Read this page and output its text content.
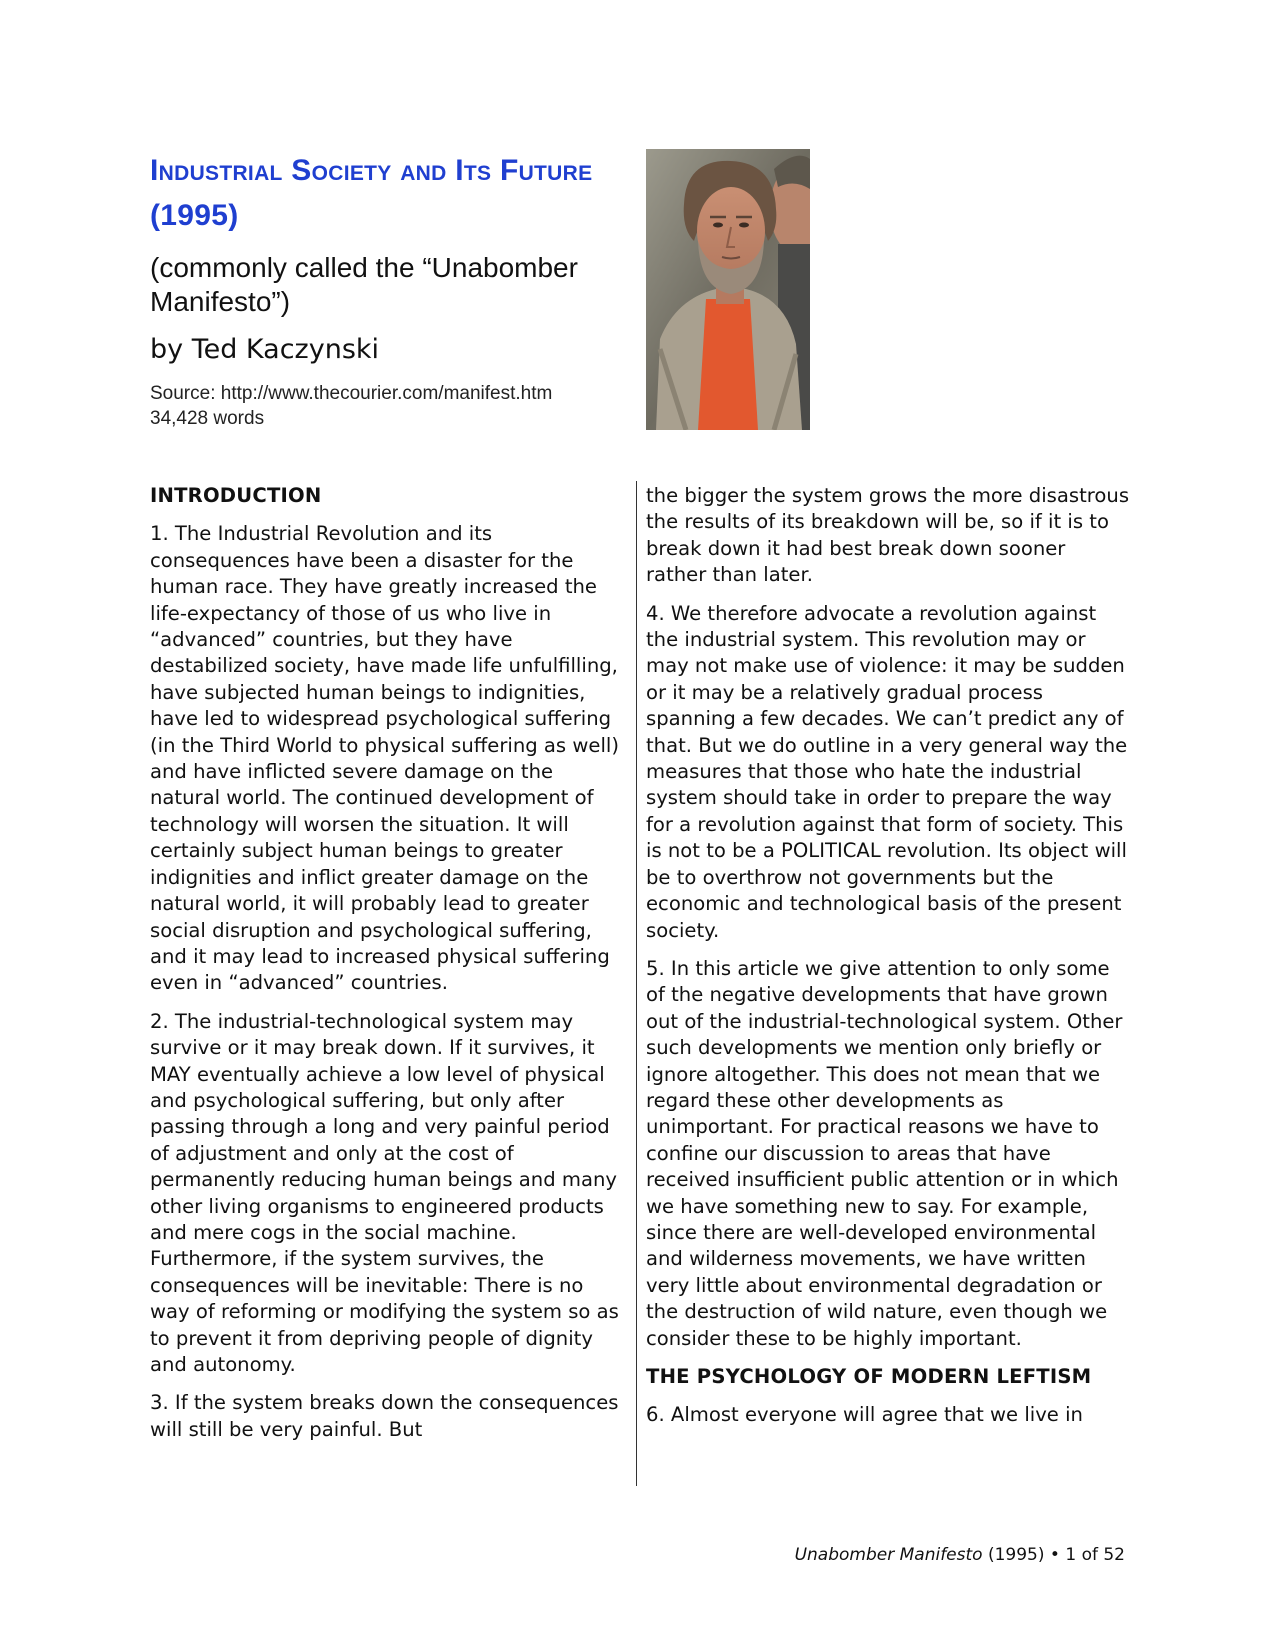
Industrial Society and Its Future (1995)
(commonly called the “Unabomber Manifesto”)
by Ted Kaczynski
Source: http://www.thecourier.com/manifest.htm
34,428 words
INTRODUCTION

1. The Industrial Revolution and its consequences have been a disaster for the human race. They have greatly increased the life-expectancy of those of us who live in “advanced” countries, but they have destabilized society, have made life unfulfilling, have subjected human beings to indignities, have led to widespread psychological suffering (in the Third World to physical suffering as well) and have inflicted severe damage on the natural world. The continued development of technology will worsen the situation. It will certainly subject human beings to greater indignities and inflict greater damage on the natural world, it will probably lead to greater social disruption and psychological suffering, and it may lead to increased physical suffering even in “advanced” countries.

2. The industrial-technological system may survive or it may break down. If it survives, it MAY eventually achieve a low level of physical and psychological suffering, but only after passing through a long and very painful period of adjustment and only at the cost of permanently reducing human beings and many other living organisms to engineered products and mere cogs in the social machine. Furthermore, if the system survives, the consequences will be inevitable: There is no way of reforming or modifying the system so as to prevent it from depriving people of dignity and autonomy.

3. If the system breaks down the consequences will still be very painful. But

the bigger the system grows the more disastrous the results of its breakdown will be, so if it is to break down it had best break down sooner rather than later.

4. We therefore advocate a revolution against the industrial system. This revolution may or may not make use of violence: it may be sudden or it may be a relatively gradual process spanning a few decades. We can’t predict any of that. But we do outline in a very general way the measures that those who hate the industrial system should take in order to prepare the way for a revolution against that form of society. This is not to be a POLITICAL revolution. Its object will be to overthrow not governments but the economic and technological basis of the present society.

5. In this article we give attention to only some of the negative developments that have grown out of the industrial-technological system. Other such developments we mention only briefly or ignore altogether. This does not mean that we regard these other developments as unimportant. For practical reasons we have to confine our discussion to areas that have received insufficient public attention or in which we have something new to say. For example, since there are well-developed environmental and wilderness movements, we have written very little about environmental degradation or the destruction of wild nature, even though we consider these to be highly important.

THE PSYCHOLOGY OF MODERN LEFTISM

6. Almost everyone will agree that we live in

Unabomber Manifesto (1995) • 1 of 52
